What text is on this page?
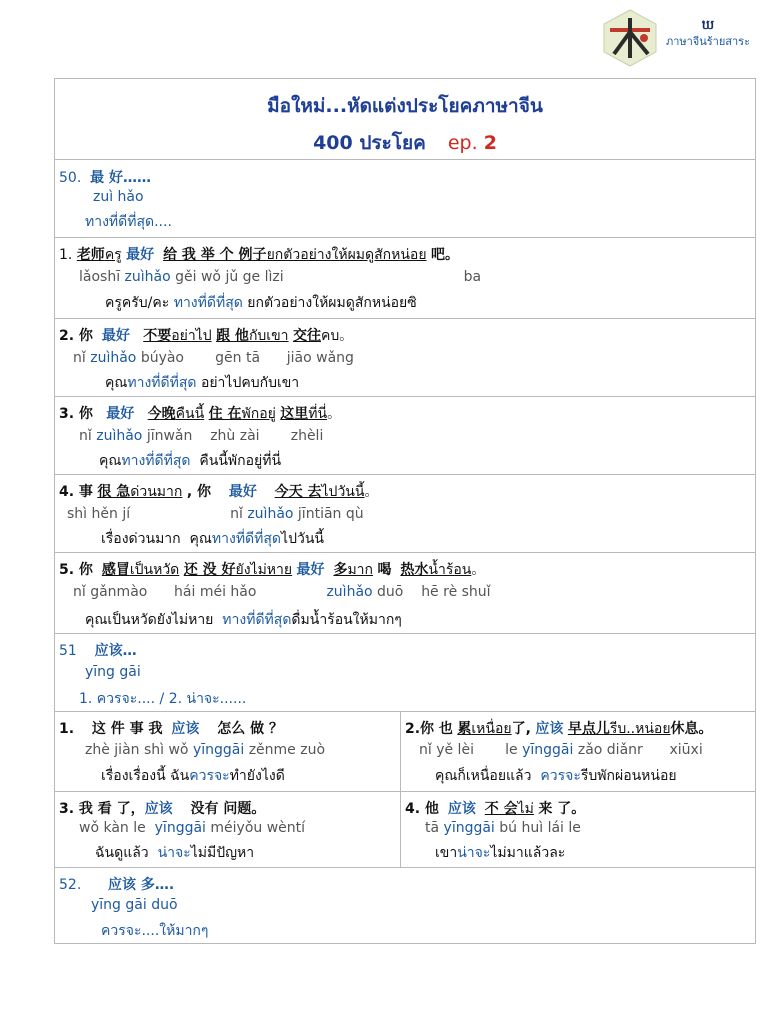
ឃ
ภาษาจีนร้ายสาระ
มือใหม่...หัดแต่งประโยคภาษาจีน
400 ประโยค ep. 2
50. 最 好……
zuì hǎo
ทางที่ดีที่สุด....
1. 老师ครู 最好 给 我 举 个 例子ยกตัวอย่างให้ผมดูสักหน่อย 吧。
lǎoshī zuìhǎo gěi wǒ jǔ ge lìzi	ba
ครูครับ/คะ ทางที่ดีที่สุด ยกตัวอย่างให้ผมดูสักหน่อยซิ
2. 你 最好 不要อย่าไป 跟 他กับเขา 交往คบ。
nǐ zuìhǎo búyào gēn tā jiāo wǎng
คุณทางที่ดีที่สุด อย่าไปคบกับเขา
3. 你 最好 今晚คืนนี้ 住 在พักอยู่ 这里ที่นี่。
nǐ zuìhǎo jīnwǎn zhù zài zhèli
คุณทางที่ดีที่สุด คืนนี้พักอยู่ที่นี่
4. 事 很 急ด่วนมาก , 你 最好 今天 去ไปวันนี้。
shì hěn jí	nǐ zuìhǎo jīntiān qù
เรื่องด่วนมาก คุณทางที่ดีที่สุดไปวันนี้
5. 你 感冒เป็นหวัด 还 没 好ยังไม่หาย 最好 多มาก 喝 热水น้ำร้อน。
nǐ gǎnmào hái méi hǎo	zuìhǎo duō hē rè shuǐ
คุณเป็นหวัดยังไม่หาย ทางที่ดีที่สุดดื่มน้ำร้อนให้มากๆ
51 应该…
yīng gāi
1. ควรจะ.... / 2. น่าจะ......
1. 这 件 事 我 应该 怎么 做 ？
zhè jiàn shì wǒ yīnggāi zěnme zuò
เรื่องเรื่องนี้ ฉันควรจะทำยังไงดี
2.你 也 累เหนื่อย了, 应该 早点儿รีบ..หน่อย休息。
nǐ yě lèi le yīnggāi zǎo diǎnr xiūxi
คุณก็เหนื่อยแล้ว ควรจะรีบพักผ่อนหน่อย
3. 我 看 了，应该 没有 问题。
wǒ kàn le yīnggāi méiyǒu wèntí
ฉันดูแล้ว น่าจะไม่มีปัญหา
4. 他 应该 不 会ไม่ 来 了。
tā yīnggāi bú huì lái le
เขาน่าจะไม่มาแล้วละ
52. 应该 多….
yīng gāi duō
ควรจะ....ให้มากๆ
